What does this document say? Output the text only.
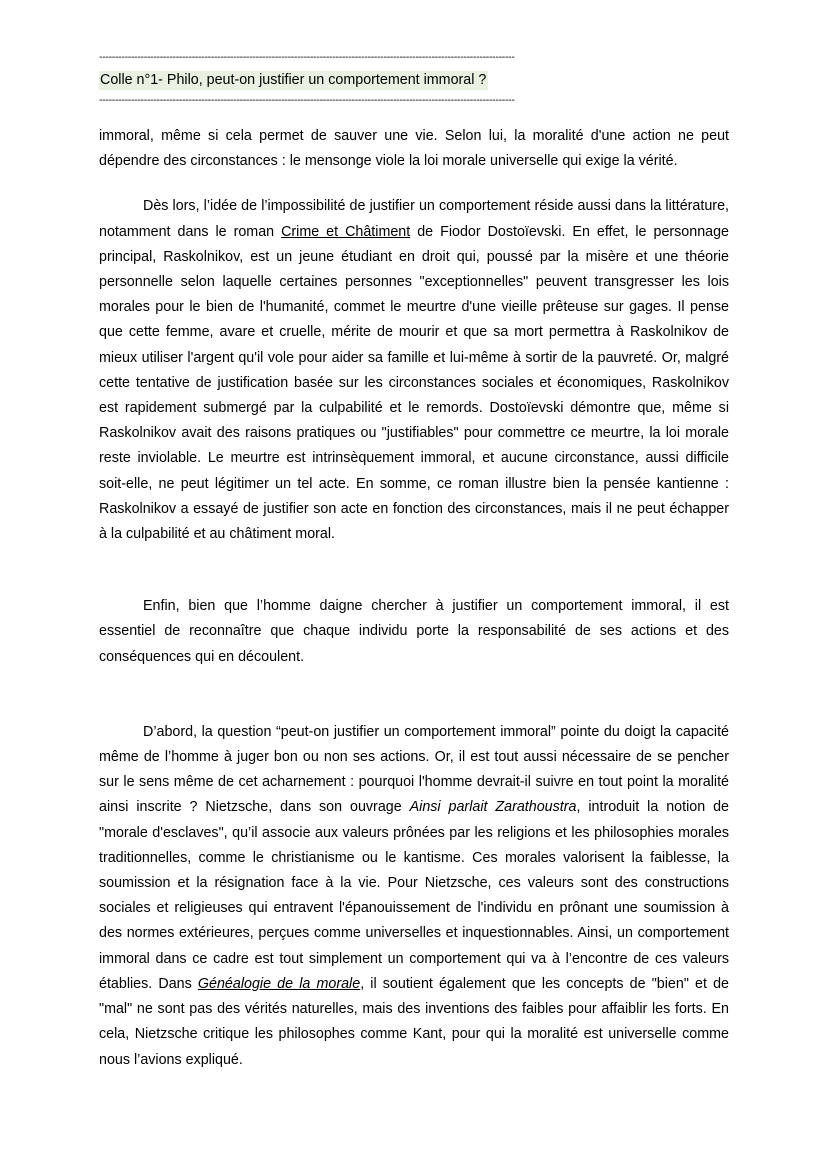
----------------------------------------------------------------------------------------------------------------------------------
Colle n°1- Philo, peut-on justifier un comportement immoral ?
----------------------------------------------------------------------------------------------------------------------------------

immoral, même si cela permet de sauver une vie. Selon lui, la moralité d'une action ne peut dépendre des circonstances : le mensonge viole la loi morale universelle qui exige la vérité.

Dès lors, l’idée de l’impossibilité de justifier un comportement réside aussi dans la littérature, notamment dans le roman Crime et Châtiment de Fiodor Dostoïevski. En effet, le personnage principal, Raskolnikov, est un jeune étudiant en droit qui, poussé par la misère et une théorie personnelle selon laquelle certaines personnes "exceptionnelles" peuvent transgresser les lois morales pour le bien de l'humanité, commet le meurtre d'une vieille prêteuse sur gages. Il pense que cette femme, avare et cruelle, mérite de mourir et que sa mort permettra à Raskolnikov de mieux utiliser l'argent qu'il vole pour aider sa famille et lui-même à sortir de la pauvreté. Or, malgré cette tentative de justification basée sur les circonstances sociales et économiques, Raskolnikov est rapidement submergé par la culpabilité et le remords. Dostoïevski démontre que, même si Raskolnikov avait des raisons pratiques ou "justifiables" pour commettre ce meurtre, la loi morale reste inviolable. Le meurtre est intrinsèquement immoral, et aucune circonstance, aussi difficile soit-elle, ne peut légitimer un tel acte. En somme, ce roman illustre bien la pensée kantienne : Raskolnikov a essayé de justifier son acte en fonction des circonstances, mais il ne peut échapper à la culpabilité et au châtiment moral.

Enfin, bien que l’homme daigne chercher à justifier un comportement immoral, il est essentiel de reconnaître que chaque individu porte la responsabilité de ses actions et des conséquences qui en découlent.

D’abord, la question “peut-on justifier un comportement immoral” pointe du doigt la capacité même de l’homme à juger bon ou non ses actions. Or, il est tout aussi nécessaire de se pencher sur le sens même de cet acharnement : pourquoi l'homme devrait-il suivre en tout point la moralité ainsi inscrite ? Nietzsche, dans son ouvrage Ainsi parlait Zarathoustra, introduit la notion de "morale d'esclaves", qu’il associe aux valeurs prônées par les religions et les philosophies morales traditionnelles, comme le christianisme ou le kantisme. Ces morales valorisent la faiblesse, la soumission et la résignation face à la vie. Pour Nietzsche, ces valeurs sont des constructions sociales et religieuses qui entravent l'épanouissement de l'individu en prônant une soumission à des normes extérieures, perçues comme universelles et inquestionnables. Ainsi, un comportement immoral dans ce cadre est tout simplement un comportement qui va à l’encontre de ces valeurs établies. Dans Généalogie de la morale, il soutient également que les concepts de "bien" et de "mal" ne sont pas des vérités naturelles, mais des inventions des faibles pour affaiblir les forts. En cela, Nietzsche critique les philosophes comme Kant, pour qui la moralité est universelle comme nous l’avions expliqué.
